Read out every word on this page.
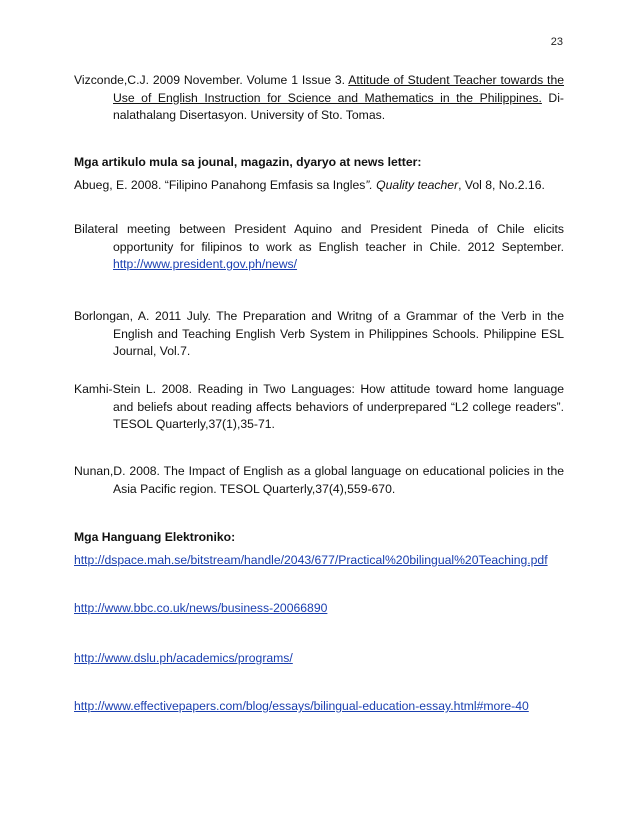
23
Vizconde,C.J. 2009 November. Volume 1 Issue 3. Attitude of Student Teacher towards the Use of English Instruction for Science and Mathematics in the Philippines. Di-nalathalang Disertasyon. University of Sto. Tomas.
Mga artikulo mula sa jounal, magazin, dyaryo at news letter:
Abueg, E. 2008. “Filipino Panahong Emfasis sa Ingles”. Quality teacher, Vol 8, No.2.16.
Bilateral meeting between President Aquino and President Pineda of Chile elicits opportunity for filipinos to work as English teacher in Chile. 2012 September. http://www.president.gov.ph/news/
Borlongan, A. 2011 July. The Preparation and Writng of a Grammar of the Verb in the English and Teaching English Verb System in Philippines Schools. Philippine ESL Journal, Vol.7.
Kamhi-Stein L. 2008. Reading in Two Languages: How attitude toward home language and beliefs about reading affects behaviors of underprepared “L2 college readers”. TESOL Quarterly,37(1),35-71.
Nunan,D. 2008. The Impact of English as a global language on educational policies in the Asia Pacific region. TESOL Quarterly,37(4),559-670.
Mga Hanguang Elektroniko:
http://dspace.mah.se/bitstream/handle/2043/677/Practical%20bilingual%20Teaching.pdf
http://www.bbc.co.uk/news/business-20066890
http://www.dslu.ph/academics/programs/
http://www.effectivepapers.com/blog/essays/bilingual-education-essay.html#more-40
